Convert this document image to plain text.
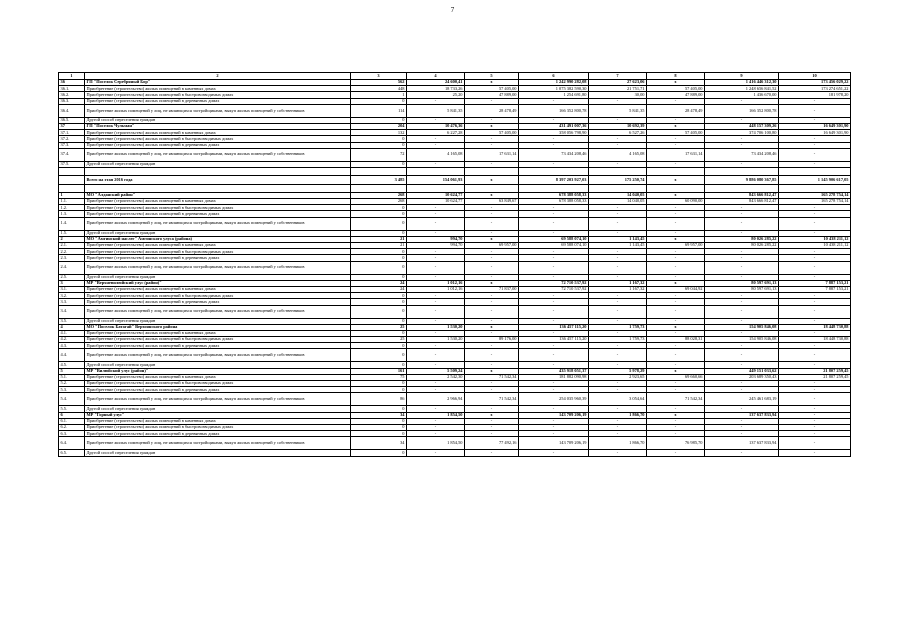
7
1	2	3	4	5	6	7	8	9	10
36	ГП "Поселок Серебряный Бор"	562	24 600,41	х	1 242 990 282,08	27 623,06	х	1 416 446 312,30	173 456 029,22
36.1.	Приобретение (строительство) жилых помещений в каменных домах	448	18 733,26	57 405,00	1 075 382 590,30	21 751,71	57 405,00	1 248 656 841,52	173 274 651,22
36.2.	Приобретение (строительство) жилых помещений в быстровозводимых домах	1	25,20	47 889,00	1 254 691,80	30,00	47 889,00	1 436 670,00	181 978,20
36.3.	Приобретение (строительство) жилых помещений в деревянных домах	0	-	-	-	-	-	-	-
36.4.	Приобретение жилых помещений у лиц, не являющихся застройщиками, выкуп жилых помещений у собственников	114	5 841,35	28 478,49	166 352 800,78	5 841,35	28 478,49	166 352 800,78	-
36.5.	Другой способ переселения граждан	0	-	-	-	-	-	-	-
37	ГП "Поселок Чульман"	204	10 476,36	х	431 491 007,36	10 692,39	х	448 157 309,26	16 649 301,90
37.1.	Приобретение (строительство) жилых помещений в каменных домах	132	6 227,28	57 405,00	358 056 798,90	6 527,26	57 405,00	374 706 100,80	16 649 301,90
37.2.	Приобретение (строительство) жилых помещений в быстровозводимых домах	0	-	-	-	-	-	-	-
37.3.	Приобретение (строительство) жилых помещений в деревянных домах	0	-	-	-	-	-	-	-
37.4.	Приобретение жилых помещений у лиц, не являющихся застройщиками, выкуп жилых помещений у собственников	72	4 165,08	17 631,14	73 434 208,46	4 165,08	17 631,14	73 434 208,46	-
37.5.	Другой способ переселения граждан	0	-	-	-	-	-	-	-

	Всего на этап 2016 года	3 485	154 061,93	х	8 397 203 927,03	175 250,74	х	9 886 080 367,85	1 145 906 617,05

1	МО "Алданский район"	268	10 624,77	х	678 388 058,33	14 040,05	х	843 666 812,47	165 278 754,14
1.1.	Приобретение (строительство) жилых помещений в каменных домах	268	10 624,77	63 849,67	678 388 058,33	14 040,05	60 090,00	843 666 812,47	165 278 754,14
1.2.	Приобретение (строительство) жилых помещений в быстровозводимых домах	0	-	-	-	-	-	-	-
1.3.	Приобретение (строительство) жилых помещений в деревянных домах	0	-	-	-	-	-	-	-
1.4.	Приобретение жилых помещений у лиц, не являющихся застройщиками, выкуп жилых помещений у собственников	0	-	-	-	-	-	-	-
1.5.	Другой способ переселения граждан	0	-	-	-	-	-	-	-
2	МО "Амгинский наслег" Амгинского улуса (района)	21	994,70	х	69 588 074,10	1 143,45	х	80 026 285,22	10 438 211,12
2.1.	Приобретение (строительство) жилых помещений в каменных домах	21	994,70	69 957,00	69 588 074,10	1 143,45	69 957,00	80 026 285,22	10 438 211,12
2.2.	Приобретение (строительство) жилых помещений в быстровозводимых домах	0	-	-	-	-	-	-	-
2.3.	Приобретение (строительство) жилых помещений в деревянных домах	0	-	-	-	-	-	-	-
2.4.	Приобретение жилых помещений у лиц, не являющихся застройщиками, выкуп жилых помещений у собственников	0	-	-	-	-	-	-	-
2.5.	Другой способ переселения граждан	0	-	-	-	-	-	-	-
3	МР "Верхневилюйский улус (район)"	24	1 012,16	х	72 710 537,92	1 167,32	х	80 597 691,13	7 887 153,21
3.1.	Приобретение (строительство) жилых помещений в каменных домах	24	1 012,16	71 837,00	72 710 537,92	1 167,32	69 044,92	80 597 691,13	7 887 153,21
3.2.	Приобретение (строительство) жилых помещений в быстровозводимых домах	0	-	-	-	-	-	-	-
3.3.	Приобретение (строительство) жилых помещений в деревянных домах	0	-	-	-	-	-	-	-
3.4.	Приобретение жилых помещений у лиц, не являющихся застройщиками, выкуп жилых помещений у собственников	0	-	-	-	-	-	-	-
3.5.	Другой способ переселения граждан	0	-	-	-	-	-	-	-
4	МО "Поселок Батагай" Верхоянского района	25	1 530,20	х	136 457 115,20	1 759,73	х	154 905 846,08	18 448 730,88
4.1.	Приобретение (строительство) жилых помещений в каменных домах	0	-	-	-	-	-	-	-
4.2.	Приобретение (строительство) жилых помещений в быстровозводимых домах	25	1 530,20	89 176,00	136 457 115,20	1 759,73	88 028,31	154 905 846,08	18 448 730,88
4.3.	Приобретение (строительство) жилых помещений в деревянных домах	0	-	-	-	-	-	-	-
4.4.	Приобретение жилых помещений у лиц, не являющихся застройщиками, выкуп жилых помещений у собственников	0	-	-	-	-	-	-	-
4.5.	Другой способ переселения граждан	0	-	-	-	-	-	-	-
5	МР "Вилюйский улус (район)"	161	5 509,24	х	435 918 051,37	5 978,29	х	449 151 033,62	21 807 259,45
5.1.	Приобретение (строительство) жилых помещений в каменных домах	75	2 542,30	71 542,34	181 882 090,98	2 923,65	69 660,66	203 689 350,43	21 807 259,45
5.2.	Приобретение (строительство) жилых помещений в быстровозводимых домах	0	-	-	-	-	-	-	-
5.3.	Приобретение (строительство) жилых помещений в деревянных домах	0	-	-	-	-	-	-	-
5.4.	Приобретение жилых помещений у лиц, не являющихся застройщиками, выкуп жилых помещений у собственников	86	2 966,94	71 542,34	254 035 960,39	3 054,64	71 542,34	245 461 683,19	-
5.5.	Другой способ переселения граждан	0	-	-	-	-	-	-	-
6	МР "Горный улус"	34	1 854,50	х	143 709 206,19	1 866,70	х	137 637 833,94	-
6.1.	Приобретение (строительство) жилых помещений в каменных домах	0	-	-	-	-	-	-	-
6.2.	Приобретение (строительство) жилых помещений в быстровозводимых домах	0	-	-	-	-	-	-	-
6.3.	Приобретение (строительство) жилых помещений в деревянных домах	0	-	-	-	-	-	-	-
6.4.	Приобретение жилых помещений у лиц, не являющихся застройщиками, выкуп жилых помещений у собственников	34	1 854,50	77 492,16	143 709 206,19	1 866,70	76 985,70	137 637 833,94	-
6.5.	Другой способ переселения граждан	0	-	-	-	-	-	-	-
